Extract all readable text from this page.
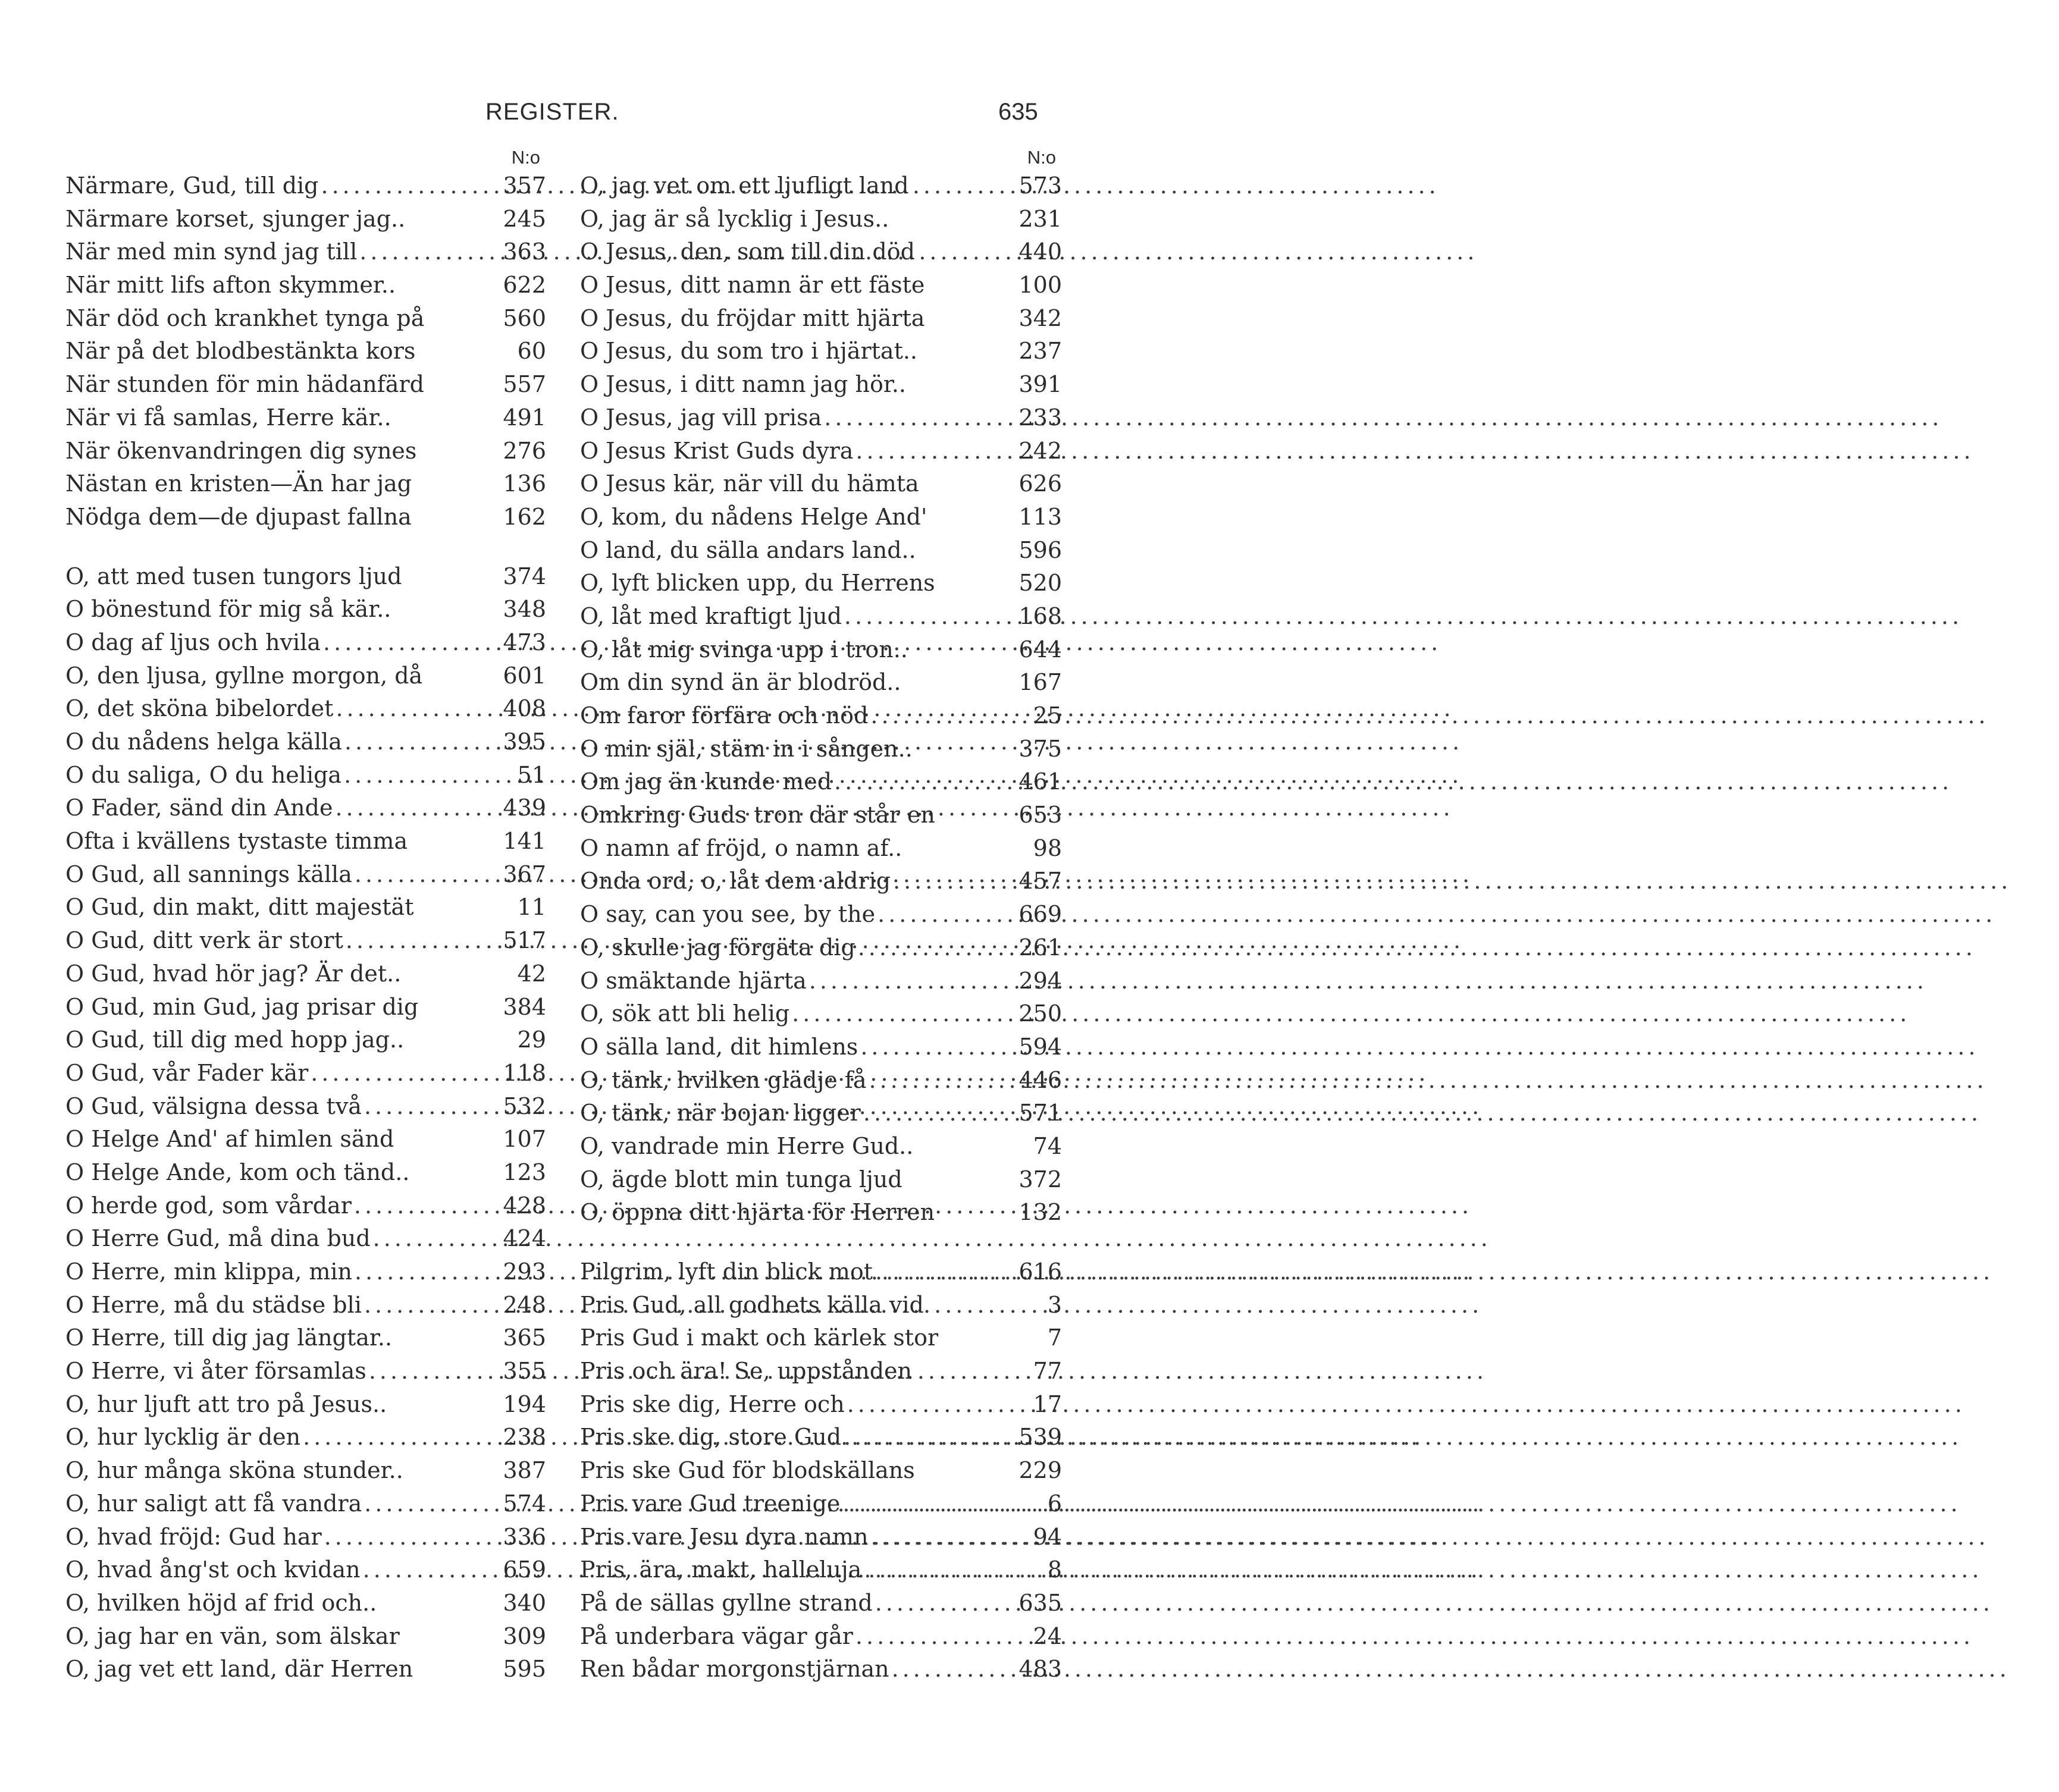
REGISTER.	635
N:o
Närmare, Gud, till dig .....	357
Närmare korset, sjunger jag..	245
När med min synd jag till .....	363
När mitt lifs afton skymmer..	622
När död och krankhet tynga på	560
När på det blodbestänkta kors	60
När stunden för min hädanfärd	557
När vi få samlas, Herre kär..	491
När ökenvandringen dig synes	276
Nästan en kristen—Än har jag	136
Nödga dem—de djupast fallna	162
O, att med tusen tungors ljud	374
O bönestund för mig så kär..	348
O dag af ljus och hvila .....	473
O, den ljusa, gyllne morgon, då	601
O, det sköna bibelordet .....	408
O du nådens helga källa .....	395
O du saliga, O du heliga .....	51
O Fader, sänd din Ande .....	439
Ofta i kvällens tystaste timma	141
O Gud, all sannings källa .....	367
O Gud, din makt, ditt majestät	11
O Gud, ditt verk är stort .....	517
O Gud, hvad hör jag? Är det..	42
O Gud, min Gud, jag prisar dig	384
O Gud, till dig med hopp jag..	29
O Gud, vår Fader kär .....	118
O Gud, välsigna dessa två .....	532
O Helge And' af himlen sänd	107
O Helge Ande, kom och tänd..	123
O herde god, som vårdar .....	428
O Herre Gud, må dina bud .....	424
O Herre, min klippa, min .....	293
O Herre, må du städse bli .....	248
O Herre, till dig jag längtar..	365
O Herre, vi åter församlas .....	355
O, hur ljuft att tro på Jesus..	194
O, hur lycklig är den .....	238
O, hur många sköna stunder..	387
O, hur saligt att få vandra .....	574
O, hvad fröjd: Gud har .....	336
O, hvad ång'st och kvidan .....	659
O, hvilken höjd af frid och..	340
O, jag har en vän, som älskar	309
O, jag vet ett land, där Herren	595
N:o
O, jag vet om ett ljufligt land	573
O, jag är så lycklig i Jesus..	231
O Jesus, den, som till din död	440
O Jesus, ditt namn är ett fäste	100
O Jesus, du fröjdar mitt hjärta	342
O Jesus, du som tro i hjärtat..	237
O Jesus, i ditt namn jag hör..	391
O Jesus, jag vill prisa .....	233
O Jesus Krist Guds dyra .....	242
O Jesus kär, när vill du hämta	626
O, kom, du nådens Helge And'	113
O land, du sälla andars land..	596
O, lyft blicken upp, du Herrens	520
O, låt med kraftigt ljud .....	168
O, låt mig svinga upp i tron..	644
Om din synd än är blodröd..	167
Om faror förfära och nöd .....	25
O min själ, stäm in i sången..	375
Om jag än kunde med .....	461
Omkring Guds tron där står en	653
O namn af fröjd, o namn af..	98
Onda ord, o, låt dem aldrig .....	457
O say, can you see, by the .....	669
O, skulle jag förgäta dig .....	261
O smäktande hjärta .....	294
O, sök att bli helig .....	250
O sälla land, dit himlens .....	594
O, tänk, hvilken glädje få .....	446
O, tänk, när bojan ligger .....	571
O, vandrade min Herre Gud..	74
O, ägde blott min tunga ljud	372
O, öppna ditt hjärta för Herren	132
Pilgrim, lyft din blick mot .....	616
Pris Gud, all godhets källa vid	3
Pris Gud i makt och kärlek stor	7
Pris och ära! Se, uppstånden	77
Pris ske dig, Herre och .....	17
Pris ske dig, store Gud .....	539
Pris ske Gud för blodskällans	229
Pris vare Gud treenige .....	6
Pris vare Jesu dyra namn .....	94
Pris, ära, makt, halleluja .....	8
På de sällas gyllne strand .....	635
På underbara vägar går .....	24
Ren bådar morgonstjärnan .....	483
